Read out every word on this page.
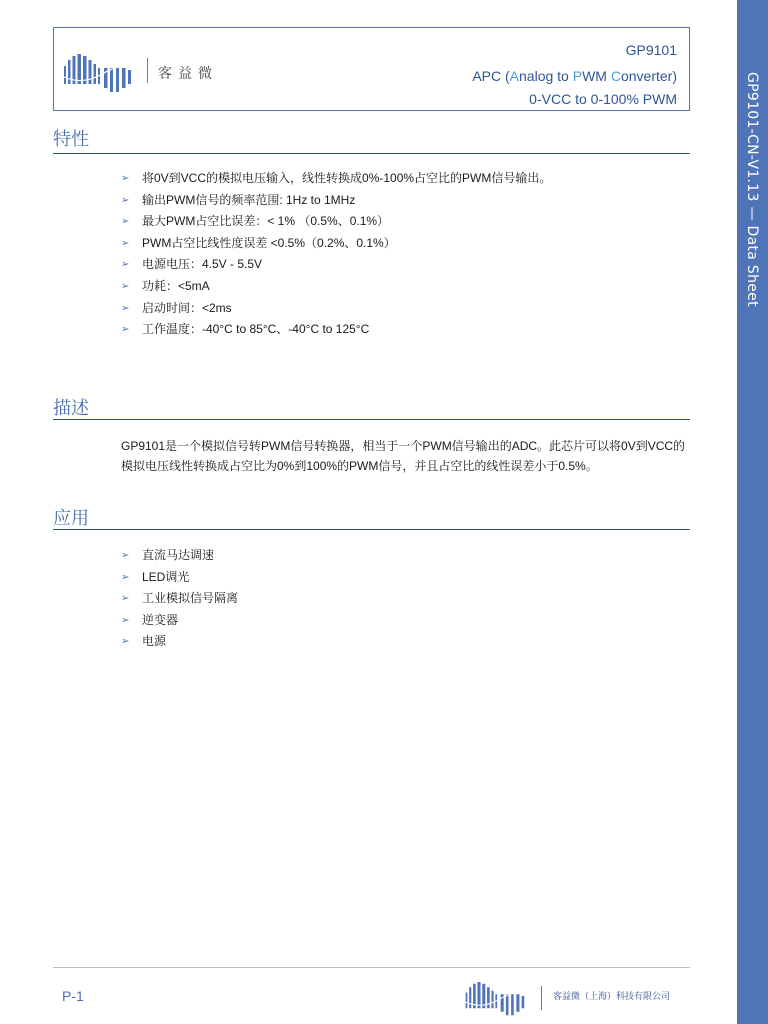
GP9101-CN-V1.13 — Data Sheet
客益微
GP9101
APC (Analog to PWM Converter)
0-VCC to 0-100% PWM
特性
➢ 将0V到VCC的模拟电压输入，线性转换成0%-100%占空比的PWM信号输出。
➢ 输出PWM信号的频率范围: 1Hz to 1MHz
➢ 最大PWM占空比误差：< 1% （0.5%、0.1%）
➢ PWM占空比线性度误差 <0.5%（0.2%、0.1%）
➢ 电源电压：4.5V - 5.5V
➢ 功耗：<5mA
➢ 启动时间：<2ms
➢ 工作温度：-40°C to 85°C、-40°C to 125°C
描述
GP9101是一个模拟信号转PWM信号转换器，相当于一个PWM信号输出的ADC。此芯片可以将0V到VCC的模拟电压线性转换成占空比为0%到100%的PWM信号，并且占空比的线性误差小于0.5%。
应用
➢ 直流马达调速
➢ LED调光
➢ 工业模拟信号隔离
➢ 逆变器
➢ 电源
P-1	客益微（上海）科技有限公司
